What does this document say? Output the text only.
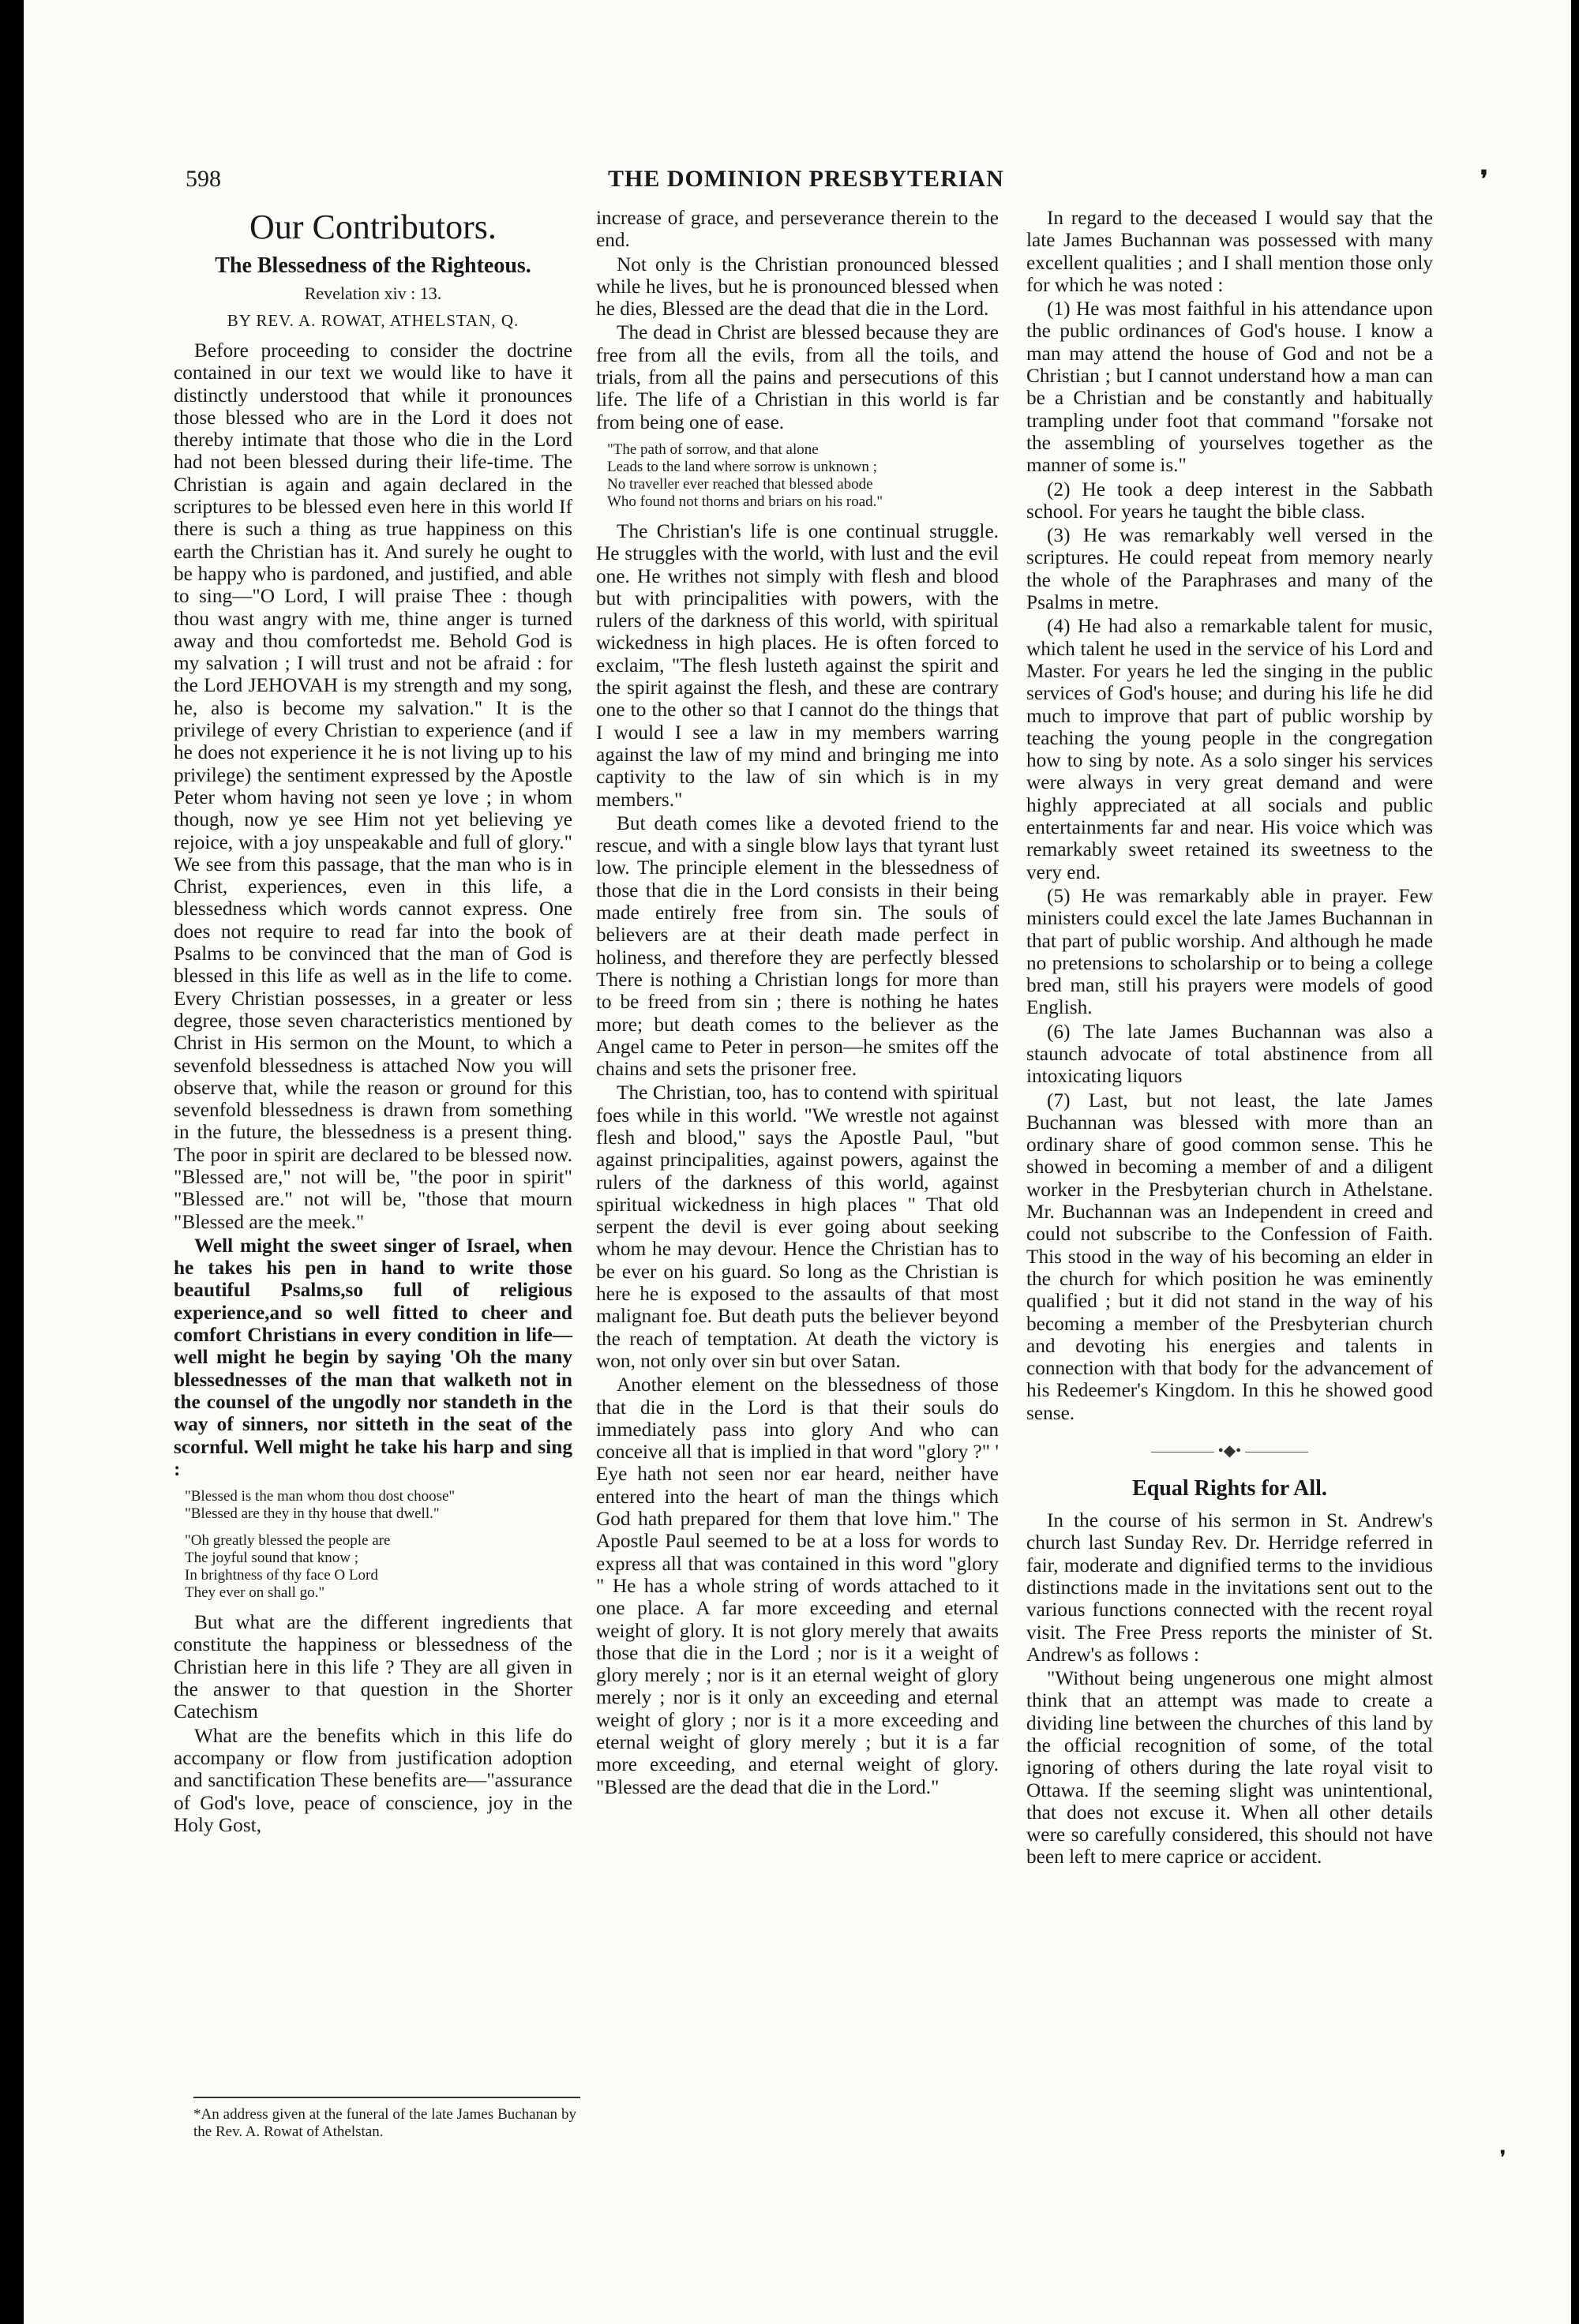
598	THE DOMINION PRESBYTERIAN	❜
❜
Our Contributors.
The Blessedness of the Righteous.
Revelation xiv : 13.
BY REV. A. ROWAT, ATHELSTAN, Q.

Before proceeding to consider the doctrine contained in our text we would like to have it distinctly understood that while it pronounces those blessed who are in the Lord it does not thereby intimate that those who die in the Lord had not been blessed during their life-time. The Christian is again and again declared in the scriptures to be blessed even here in this world If there is such a thing as true happiness on this earth the Christian has it. And surely he ought to be happy who is pardoned, and justified, and able to sing—"O Lord, I will praise Thee : though thou wast angry with me, thine anger is turned away and thou comfortedst me. Behold God is my salvation ; I will trust and not be afraid : for the Lord JEHOVAH is my strength and my song, he, also is become my salvation." It is the privilege of every Christian to experience (and if he does not experience it he is not living up to his privilege) the sentiment expressed by the Apostle Peter whom having not seen ye love ; in whom though, now ye see Him not yet believing ye rejoice, with a joy unspeakable and full of glory." We see from this passage, that the man who is in Christ, experiences, even in this life, a blessedness which words cannot express. One does not require to read far into the book of Psalms to be convinced that the man of God is blessed in this life as well as in the life to come. Every Christian possesses, in a greater or less degree, those seven characteristics mentioned by Christ in His sermon on the Mount, to which a sevenfold blessedness is attached Now you will observe that, while the reason or ground for this sevenfold blessedness is drawn from something in the future, the blessedness is a present thing. The poor in spirit are declared to be blessed now. "Blessed are," not will be, "the poor in spirit" "Blessed are." not will be, "those that mourn "Blessed are the meek."

Well might the sweet singer of Israel, when he takes his pen in hand to write those beautiful Psalms,so full of religious experience,and so well fitted to cheer and comfort Christians in every condition in life—well might he begin by saying 'Oh the many blessednesses of the man that walketh not in the counsel of the ungodly nor standeth in the way of sinners, nor sitteth in the seat of the scornful. Well might he take his harp and sing :

"Blessed is the man whom thou dost choose"
"Blessed are they in thy house that dwell."
"Oh greatly blessed the people are
The joyful sound that know ;
In brightness of thy face O Lord
They ever on shall go."

But what are the different ingredients that constitute the happiness or blessedness of the Christian here in this life ? They are all given in the answer to that question in the Shorter Catechism

What are the benefits which in this life do accompany or flow from justification adoption and sanctification These benefits are—"assurance of God's love, peace of conscience, joy in the Holy Gost,

*An address given at the funeral of the late James Buchanan by the Rev. A. Rowat of Athelstan.

increase of grace, and perseverance therein to the end.

Not only is the Christian pronounced blessed while he lives, but he is pronounced blessed when he dies, Blessed are the dead that die in the Lord.

The dead in Christ are blessed because they are free from all the evils, from all the toils, and trials, from all the pains and persecutions of this life. The life of a Christian in this world is far from being one of ease.

"The path of sorrow, and that alone
Leads to the land where sorrow is unknown ;
No traveller ever reached that blessed abode
Who found not thorns and briars on his road."

The Christian's life is one continual struggle. He struggles with the world, with lust and the evil one. He writhes not simply with flesh and blood but with principalities with powers, with the rulers of the darkness of this world, with spiritual wickedness in high places. He is often forced to exclaim, "The flesh lusteth against the spirit and the spirit against the flesh, and these are contrary one to the other so that I cannot do the things that I would I see a law in my members warring against the law of my mind and bringing me into captivity to the law of sin which is in my members."

But death comes like a devoted friend to the rescue, and with a single blow lays that tyrant lust low. The principle element in the blessedness of those that die in the Lord consists in their being made entirely free from sin. The souls of believers are at their death made perfect in holiness, and therefore they are perfectly blessed There is nothing a Christian longs for more than to be freed from sin ; there is nothing he hates more; but death comes to the believer as the Angel came to Peter in person—he smites off the chains and sets the prisoner free.

The Christian, too, has to contend with spiritual foes while in this world. "We wrestle not against flesh and blood," says the Apostle Paul, "but against principalities, against powers, against the rulers of the darkness of this world, against spiritual wickedness in high places " That old serpent the devil is ever going about seeking whom he may devour. Hence the Christian has to be ever on his guard. So long as the Christian is here he is exposed to the assaults of that most malignant foe. But death puts the believer beyond the reach of temptation. At death the victory is won, not only over sin but over Satan.

Another element on the blessedness of those that die in the Lord is that their souls do immediately pass into glory And who can conceive all that is implied in that word "glory ?" ' Eye hath not seen nor ear heard, neither have entered into the heart of man the things which God hath prepared for them that love him." The Apostle Paul seemed to be at a loss for words to express all that was contained in this word "glory " He has a whole string of words attached to it one place. A far more exceeding and eternal weight of glory. It is not glory merely that awaits those that die in the Lord ; nor is it a weight of glory merely ; nor is it an eternal weight of glory merely ; nor is it only an exceeding and eternal weight of glory ; nor is it a more exceeding and eternal weight of glory merely ; but it is a far more exceeding, and eternal weight of glory. "Blessed are the dead that die in the Lord."

In regard to the deceased I would say that the late James Buchannan was possessed with many excellent qualities ; and I shall mention those only for which he was noted :

(1) He was most faithful in his attendance upon the public ordinances of God's house. I know a man may attend the house of God and not be a Christian ; but I cannot understand how a man can be a Christian and be constantly and habitually trampling under foot that command "forsake not the assembling of yourselves together as the manner of some is."

(2) He took a deep interest in the Sabbath school. For years he taught the bible class.

(3) He was remarkably well versed in the scriptures. He could repeat from memory nearly the whole of the Paraphrases and many of the Psalms in metre.

(4) He had also a remarkable talent for music, which talent he used in the service of his Lord and Master. For years he led the singing in the public services of God's house; and during his life he did much to improve that part of public worship by teaching the young people in the congregation how to sing by note. As a solo singer his services were always in very great demand and were highly appreciated at all socials and public entertainments far and near. His voice which was remarkably sweet retained its sweetness to the very end.

(5) He was remarkably able in prayer. Few ministers could excel the late James Buchannan in that part of public worship. And although he made no pretensions to scholarship or to being a college bred man, still his prayers were models of good English.

(6) The late James Buchannan was also a staunch advocate of total abstinence from all intoxicating liquors

(7) Last, but not least, the late James Buchannan was blessed with more than an ordinary share of good common sense. This he showed in becoming a member of and a diligent worker in the Presbyterian church in Athelstane. Mr. Buchannan was an Independent in creed and could not subscribe to the Confession of Faith. This stood in the way of his becoming an elder in the church for which position he was eminently qualified ; but it did not stand in the way of his becoming a member of the Presbyterian church and devoting his energies and talents in connection with that body for the advancement of his Redeemer's Kingdom. In this he showed good sense.

•◆•
Equal Rights for All.

In the course of his sermon in St. Andrew's church last Sunday Rev. Dr. Herridge referred in fair, moderate and dignified terms to the invidious distinctions made in the invitations sent out to the various functions connected with the recent royal visit. The Free Press reports the minister of St. Andrew's as follows :

"Without being ungenerous one might almost think that an attempt was made to create a dividing line between the churches of this land by the official recognition of some, of the total ignoring of others during the late royal visit to Ottawa. If the seeming slight was unintentional, that does not excuse it. When all other details were so carefully considered, this should not have been left to mere caprice or accident.
